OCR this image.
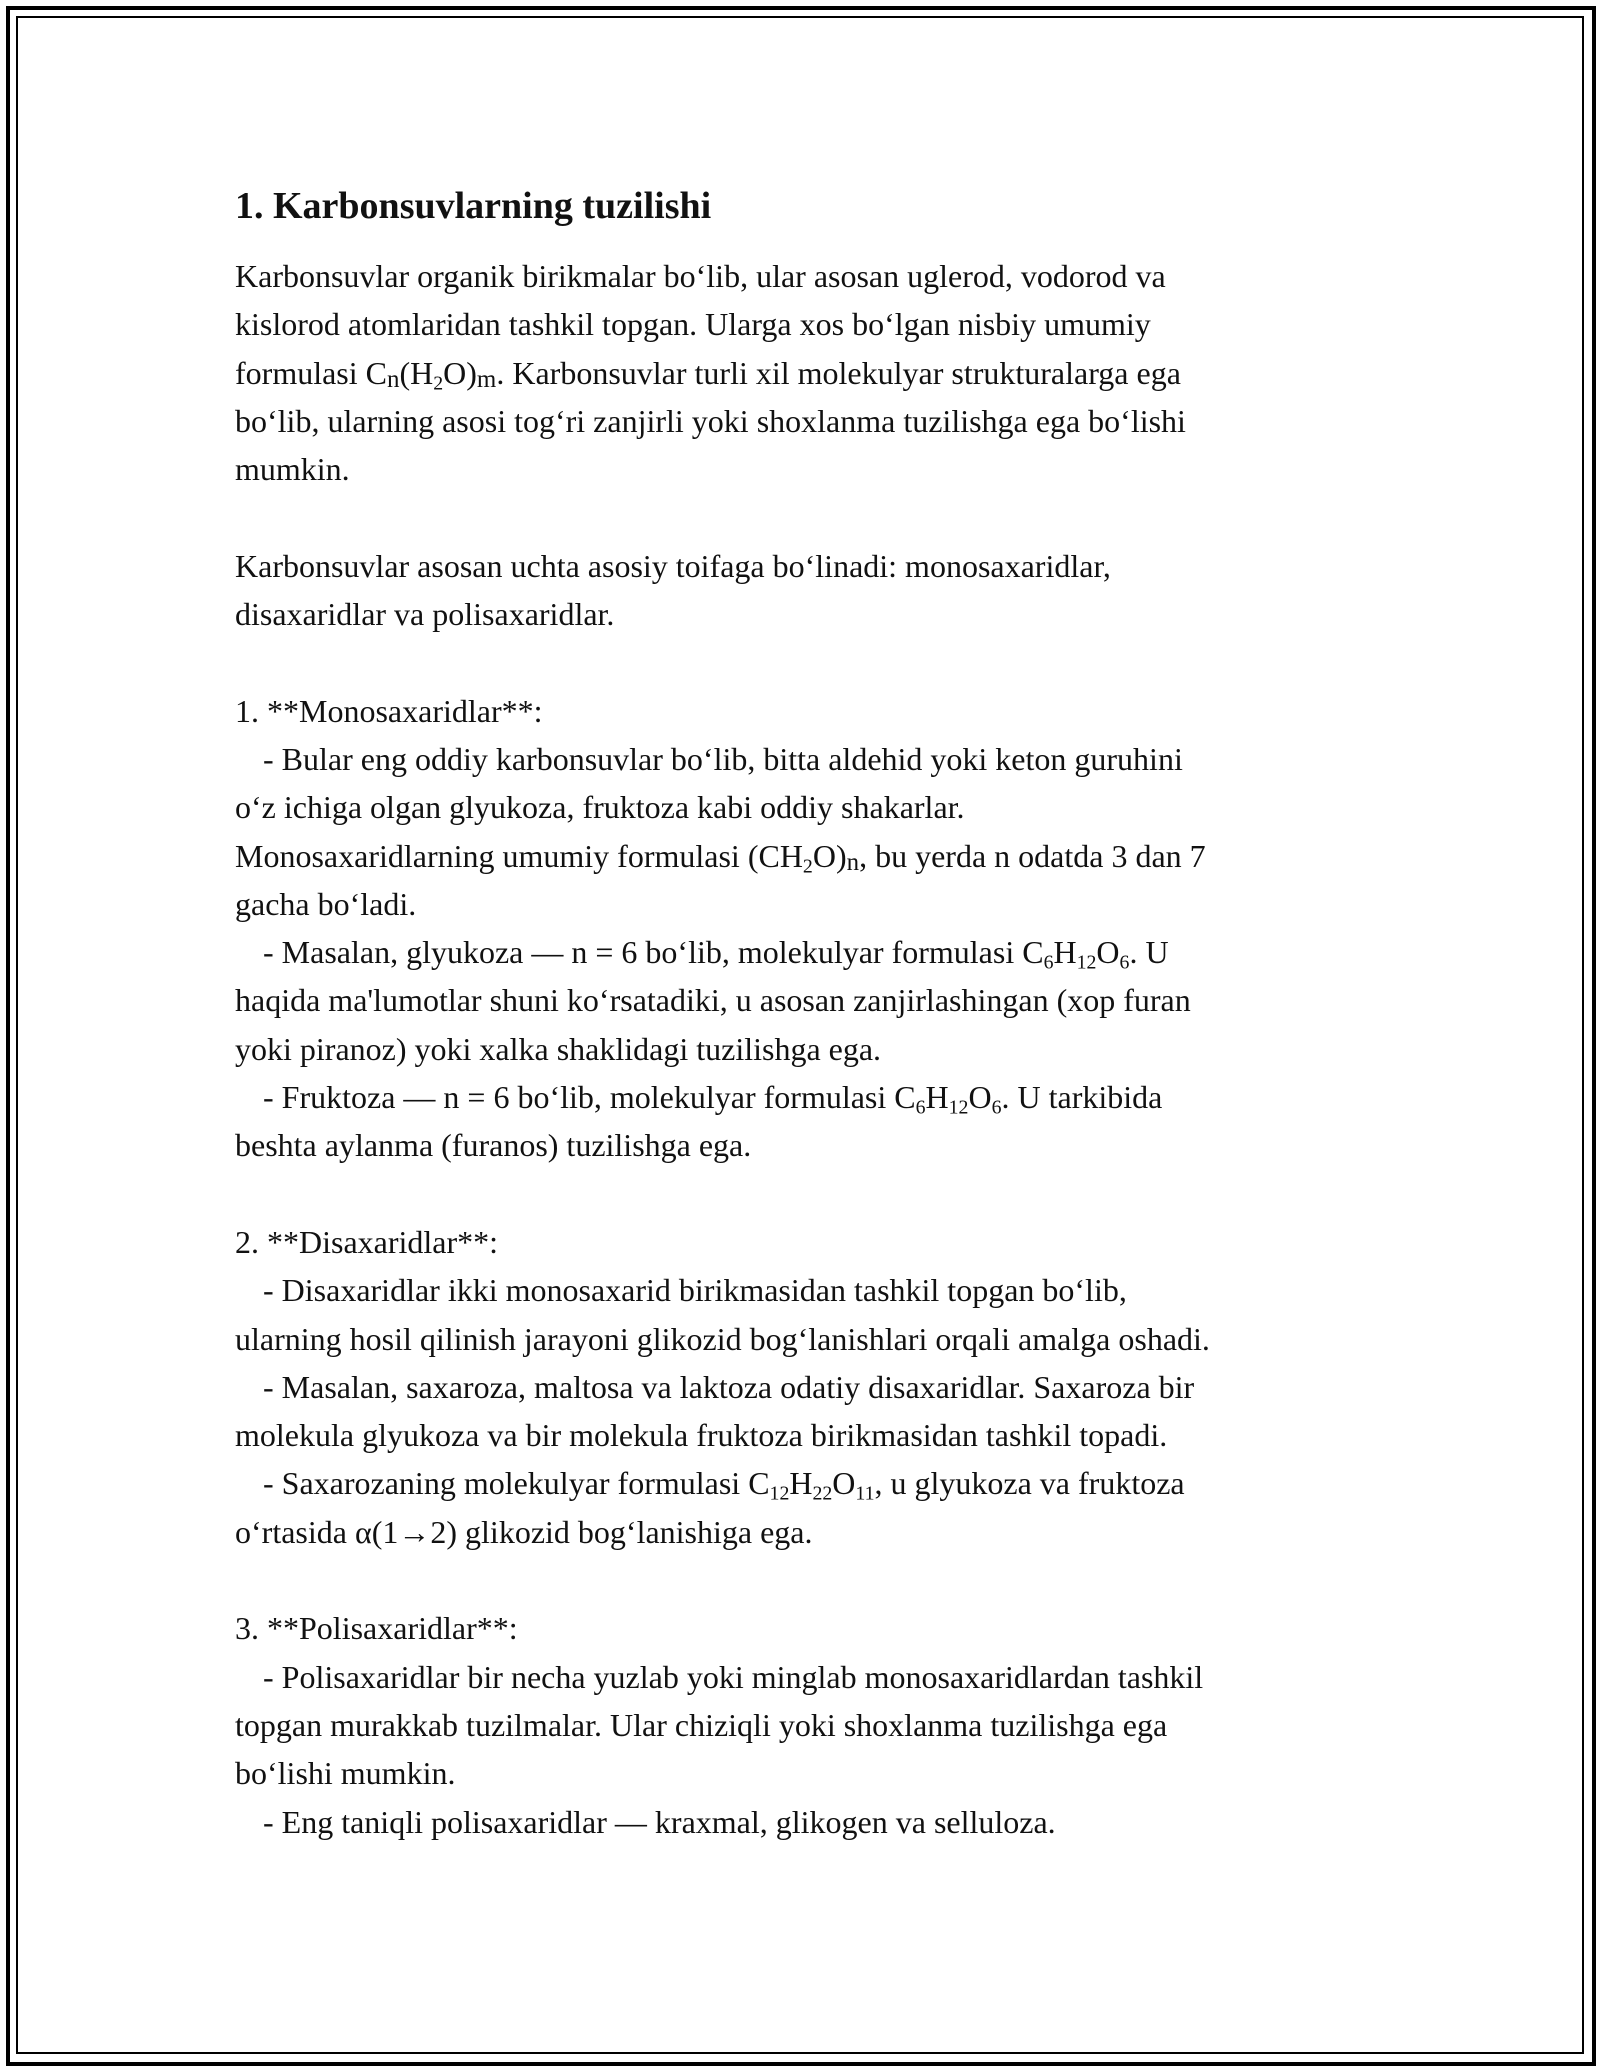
1. Karbonsuvlarning tuzilishi
Karbonsuvlar organik birikmalar bo‘lib, ular asosan uglerod, vodorod va
kislorod atomlaridan tashkil topgan. Ularga xos bo‘lgan nisbiy umumiy
formulasi $C_n(H_2O)_m$. Karbonsuvlar turli xil molekulyar strukturalarga ega
bo‘lib, ularning asosi tog‘ri zanjirli yoki shoxlanma tuzilishga ega bo‘lishi
mumkin.
Karbonsuvlar asosan uchta asosiy toifaga bo‘linadi: monosaxaridlar,
disaxaridlar va polisaxaridlar.
1. **Monosaxaridlar**:
- Bular eng oddiy karbonsuvlar bo‘lib, bitta aldehid yoki keton guruhini
o‘z ichiga olgan glyukoza, fruktoza kabi oddiy shakarlar.
Monosaxaridlarning umumiy formulasi $(CH_2O)_n$, bu yerda n odatda 3 dan 7
gacha bo‘ladi.
- Masalan, glyukoza — n = 6 bo‘lib, molekulyar formulasi $C_6H_{12}O_6$. U
haqida ma'lumotlar shuni ko‘rsatadiki, u asosan zanjirlashingan (xop furan
yoki piranoz) yoki xalka shaklidagi tuzilishga ega.
- Fruktoza — n = 6 bo‘lib, molekulyar formulasi $C_6H_{12}O_6$. U tarkibida
beshta aylanma (furanos) tuzilishga ega.
2. **Disaxaridlar**:
- Disaxaridlar ikki monosaxarid birikmasidan tashkil topgan bo‘lib,
ularning hosil qilinish jarayoni glikozid bog‘lanishlari orqali amalga oshadi.
- Masalan, saxaroza, maltosa va laktoza odatiy disaxaridlar. Saxaroza bir
molekula glyukoza va bir molekula fruktoza birikmasidan tashkil topadi.
- Saxarozaning molekulyar formulasi $C_{12}H_{22}O_{11}$, u glyukoza va fruktoza
o‘rtasida α(1→2) glikozid bog‘lanishiga ega.
3. **Polisaxaridlar**:
- Polisaxaridlar bir necha yuzlab yoki minglab monosaxaridlardan tashkil
topgan murakkab tuzilmalar. Ular chiziqli yoki shoxlanma tuzilishga ega
bo‘lishi mumkin.
- Eng taniqli polisaxaridlar — kraxmal, glikogen va selluloza.
